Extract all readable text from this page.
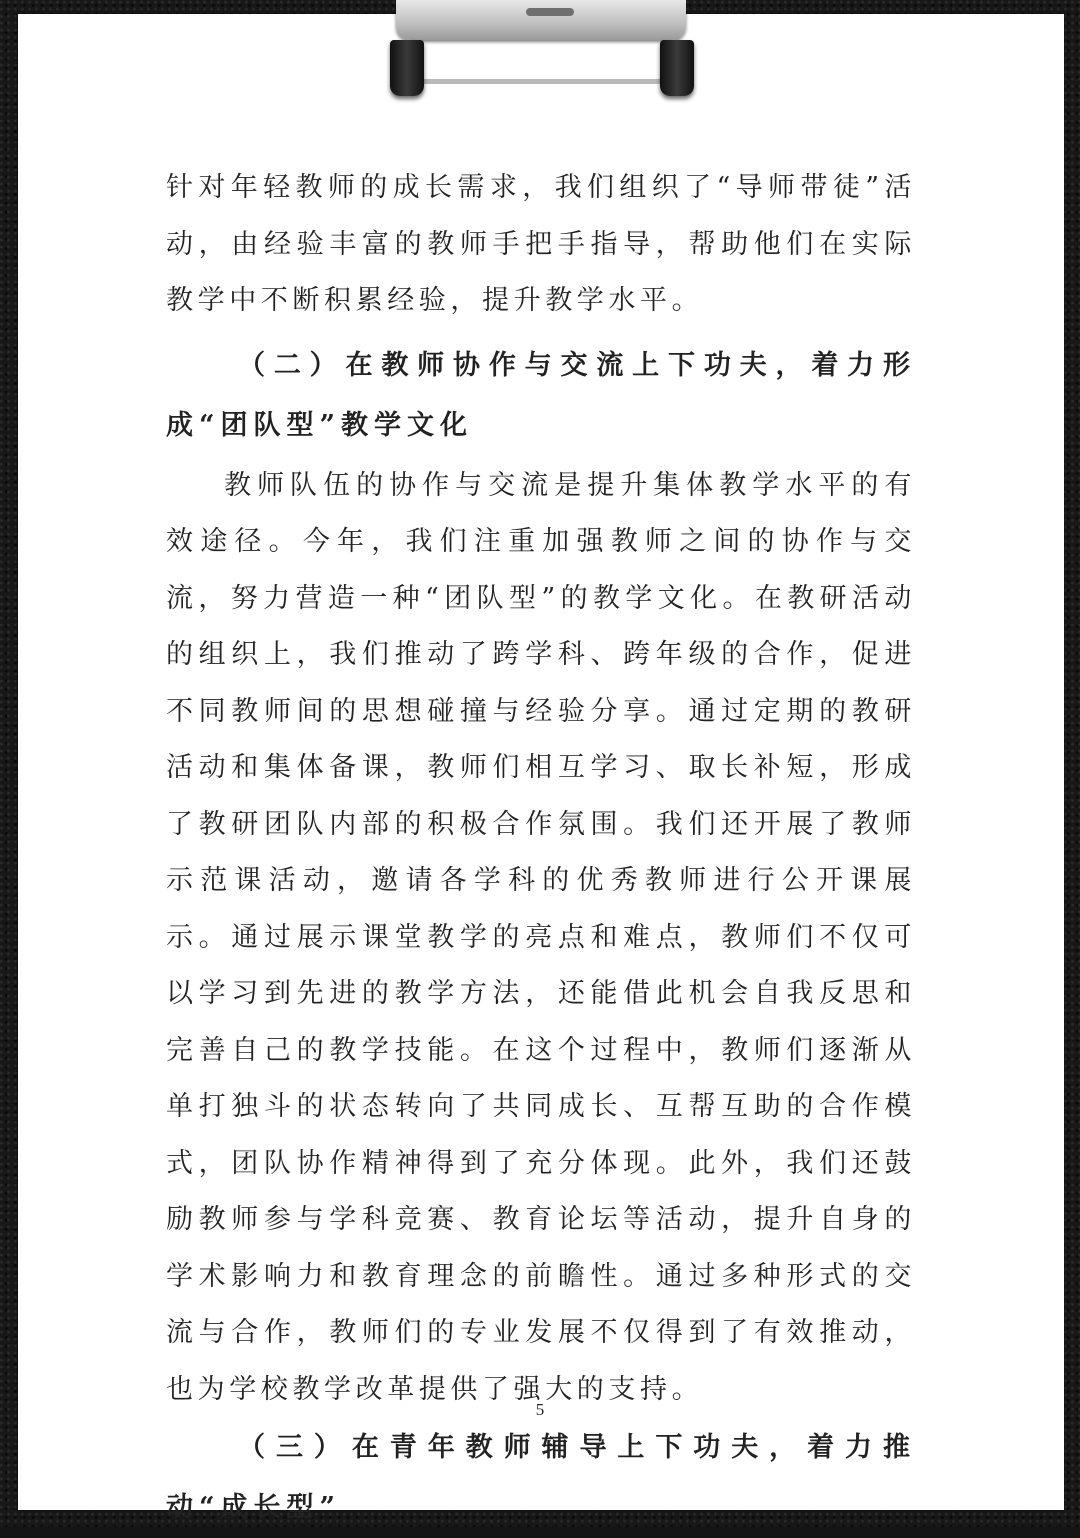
针对年轻教师的成长需求，我们组织了“导师带徒”活动，由经验丰富的教师手把手指导，帮助他们在实际教学中不断积累经验，提升教学水平。

（二）在教师协作与交流上下功夫，着力形成“团队型”教学文化

教师队伍的协作与交流是提升集体教学水平的有效途径。今年，我们注重加强教师之间的协作与交流，努力营造一种“团队型”的教学文化。在教研活动的组织上，我们推动了跨学科、跨年级的合作，促进不同教师间的思想碰撞与经验分享。通过定期的教研活动和集体备课，教师们相互学习、取长补短，形成了教研团队内部的积极合作氛围。我们还开展了教师示范课活动，邀请各学科的优秀教师进行公开课展示。通过展示课堂教学的亮点和难点，教师们不仅可以学习到先进的教学方法，还能借此机会自我反思和完善自己的教学技能。在这个过程中，教师们逐渐从单打独斗的状态转向了共同成长、互帮互助的合作模式，团队协作精神得到了充分体现。此外，我们还鼓励教师参与学科竞赛、教育论坛等活动，提升自身的学术影响力和教育理念的前瞻性。通过多种形式的交流与合作，教师们的专业发展不仅得到了有效推动，也为学校教学改革提供了强大的支持。

（三）在青年教师辅导上下功夫，着力推动“成长型”

5
